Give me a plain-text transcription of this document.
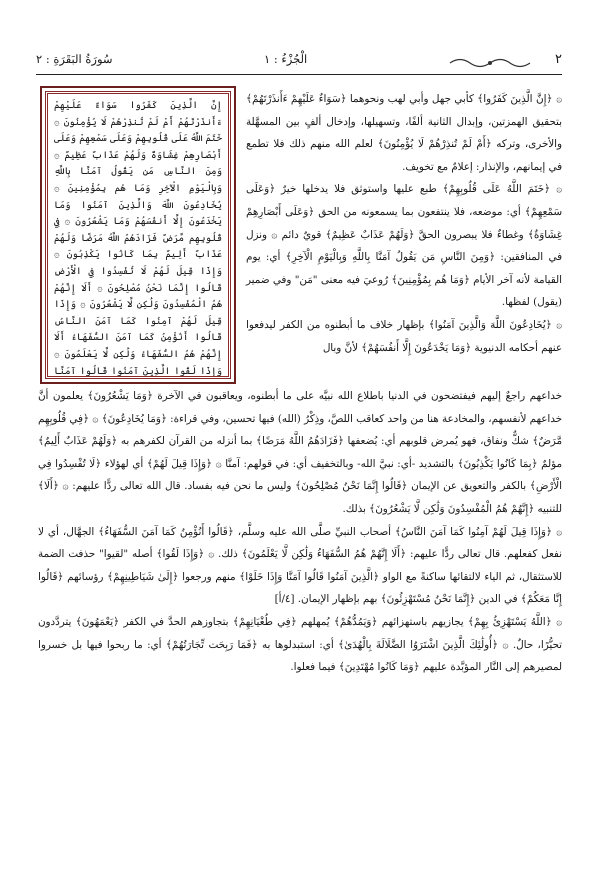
٢
الْجُزْءُ : ١
سُورَةُ البَقَرَةِ : ٢
إِنَّ الَّذِينَ كَفَرُوا سَوَاءٌ عَلَيْهِمْ ءَأَنذَرْتَهُمْ أَمْ لَمْ تُنذِرْهُمْ لَا يُؤْمِنُونَ ۞ خَتَمَ اللَّهُ عَلَى قُلُوبِهِمْ وَعَلَى سَمْعِهِمْ وَعَلَى أَبْصَارِهِمْ غِشَاوَةٌ وَلَهُمْ عَذَابٌ عَظِيمٌ ۞ وَمِنَ النَّاسِ مَن يَقُولُ آمَنَّا بِاللَّهِ وَبِالْيَوْمِ الْآخِرِ وَمَا هُم بِمُؤْمِنِينَ ۞ يُخَادِعُونَ اللَّهَ وَالَّذِينَ آمَنُوا وَمَا يَخْدَعُونَ إِلَّا أَنفُسَهُمْ وَمَا يَشْعُرُونَ ۞ فِي قُلُوبِهِم مَّرَضٌ فَزَادَهُمُ اللَّهُ مَرَضًا وَلَهُمْ عَذَابٌ أَلِيمٌ بِمَا كَانُوا يَكْذِبُونَ ۞ وَإِذَا قِيلَ لَهُمْ لَا تُفْسِدُوا فِي الْأَرْضِ قَالُوا إِنَّمَا نَحْنُ مُصْلِحُونَ ۞ أَلَا إِنَّهُمْ هُمُ الْمُفْسِدُونَ وَلَٰكِن لَّا يَشْعُرُونَ ۞ وَإِذَا قِيلَ لَهُمْ آمِنُوا كَمَا آمَنَ النَّاسُ قَالُوا أَنُؤْمِنُ كَمَا آمَنَ السُّفَهَاءُ أَلَا إِنَّهُمْ هُمُ السُّفَهَاءُ وَلَٰكِن لَّا يَعْلَمُونَ ۞ وَإِذَا لَقُوا الَّذِينَ آمَنُوا قَالُوا آمَنَّا

۞ ﴿إِنَّ الَّذِينَ كَفَرُوا﴾ كأبي جهل وأبي لهب ونحوهما ﴿سَوَاءٌ عَلَيْهِمْ ءَأَنذَرْتَهُمْ﴾ بتحقيق الهمزتين، وإبدال الثانية ألفًا، وتسهيلها، وإدخال ألفٍ بين المسهَّلة والأخرى، وتركه ﴿أَمْ لَمْ تُنذِرْهُمْ لَا يُؤْمِنُونَ﴾ لعلم الله منهم ذلك فلا تطمع في إيمانهم، والإنذار: إعلامٌ مع تخويف.

۞ ﴿خَتَمَ اللَّهُ عَلَى قُلُوبِهِمْ﴾ طبع عليها واستوثق فلا يدخلها خيرٌ ﴿وَعَلَى سَمْعِهِمْ﴾ أي: موضعه، فلا ينتفعون بما يسمعونه من الحق ﴿وَعَلَى أَبْصَارِهِمْ غِشَاوَةٌ﴾ وغطاءٌ فلا يبصرون الحقَّ ﴿وَلَهُمْ عَذَابٌ عَظِيمٌ﴾ قويٌ دائم ۞ ونزل في المنافقين: ﴿وَمِنَ النَّاسِ مَن يَقُولُ آمَنَّا بِاللَّهِ وَبِالْيَوْمِ الْآخِرِ﴾ أي: يوم القيامة لأنه آخر الأيام ﴿وَمَا هُم بِمُؤْمِنِينَ﴾ رُوعيَ فيه معنى "مَن" وفي ضمير (يقول) لفظها.

۞ ﴿يُخَادِعُونَ اللَّهَ وَالَّذِينَ آمَنُوا﴾ بإظهار خلاف ما أبطنوه من الكفر ليدفعوا عنهم أحكامه الدنيوية ﴿وَمَا يَخْدَعُونَ إِلَّا أَنفُسَهُمْ﴾ لأنَّ وبال

خداعهم راجعٌ إليهم فيفتضحون في الدنيا باطلاع الله نبيَّه على ما أبطنوه، ويعاقبون في الآخرة ﴿وَمَا يَشْعُرُونَ﴾ يعلمون أنَّ خداعهم لأنفسهم، والمخادعة هنا من واحد كعاقب اللصَّ، وذِكْرُ (الله) فيها تحسين، وفي قراءة: ﴿وَمَا يُخَادِعُونَ﴾ ۞ ﴿فِي قُلُوبِهِم مَّرَضٌ﴾ شكٌّ ونفاق، فهو يُمرض قلوبهم أي: يُضعفها ﴿فَزَادَهُمُ اللَّهُ مَرَضًا﴾ بما أنزله من القرآن لكفرهم به ﴿وَلَهُمْ عَذَابٌ أَلِيمٌ﴾ مؤلمٌ ﴿بِمَا كَانُوا يَكْذِبُونَ﴾ بالتشديد -أي: نبيَّ الله- وبالتخفيف أي: في قولهم: آمنَّا ۞ ﴿وَإِذَا قِيلَ لَهُمْ﴾ أي لهؤلاء ﴿لَا تُفْسِدُوا فِي الْأَرْضِ﴾ بالكفر والتعويق عن الإيمان ﴿قَالُوا إِنَّمَا نَحْنُ مُصْلِحُونَ﴾ وليس ما نحن فيه بفساد. قال الله تعالى ردًّا عليهم: ۞ ﴿أَلَا﴾ للتنبيه ﴿إِنَّهُمْ هُمُ الْمُفْسِدُونَ وَلَٰكِن لَّا يَشْعُرُونَ﴾ بذلك.

۞ ﴿وَإِذَا قِيلَ لَهُمْ آمِنُوا كَمَا آمَنَ النَّاسُ﴾ أصحاب النبيِّ صلَّى الله عليه وسلَّم، ﴿قَالُوا أَنُؤْمِنُ كَمَا آمَنَ السُّفَهَاءُ﴾ الجهَّال، أي لا نفعل كفعلهم. قال تعالى ردًّا عليهم: ﴿أَلَا إِنَّهُمْ هُمُ السُّفَهَاءُ وَلَٰكِن لَّا يَعْلَمُونَ﴾ ذلك. ۞ ﴿وَإِذَا لَقُوا﴾ أصله "لقيوا" حذفت الضمة للاستثقال، ثم الياء لالتقائها ساكنةً مع الواو ﴿الَّذِينَ آمَنُوا قَالُوا آمَنَّا وَإِذَا خَلَوْا﴾ منهم ورجعوا ﴿إِلَىٰ شَيَاطِينِهِمْ﴾ رؤسائهم ﴿قَالُوا إِنَّا مَعَكُمْ﴾ في الدين ﴿إِنَّمَا نَحْنُ مُسْتَهْزِئُونَ﴾ بهم بإظهار الإيمان. [٤/أ]

۞ ﴿اللَّهُ يَسْتَهْزِئُ بِهِمْ﴾ يجازيهم باستهزائهم ﴿وَيَمُدُّهُمْ﴾ يُمهلهم ﴿فِي طُغْيَانِهِمْ﴾ بتجاوزهم الحدَّ في الكفر ﴿يَعْمَهُونَ﴾ يتردَّدون تحيُّرًا، حالٌ. ۞ ﴿أُولَٰئِكَ الَّذِينَ اشْتَرَوُا الضَّلَالَةَ بِالْهُدَىٰ﴾ أي: استبدلوها به ﴿فَمَا رَبِحَت تِّجَارَتُهُمْ﴾ أي: ما ربحوا فيها بل خسروا لمصيرهم إلى النَّار المؤبَّدة عليهم ﴿وَمَا كَانُوا مُهْتَدِينَ﴾ فيما فعلوا.
